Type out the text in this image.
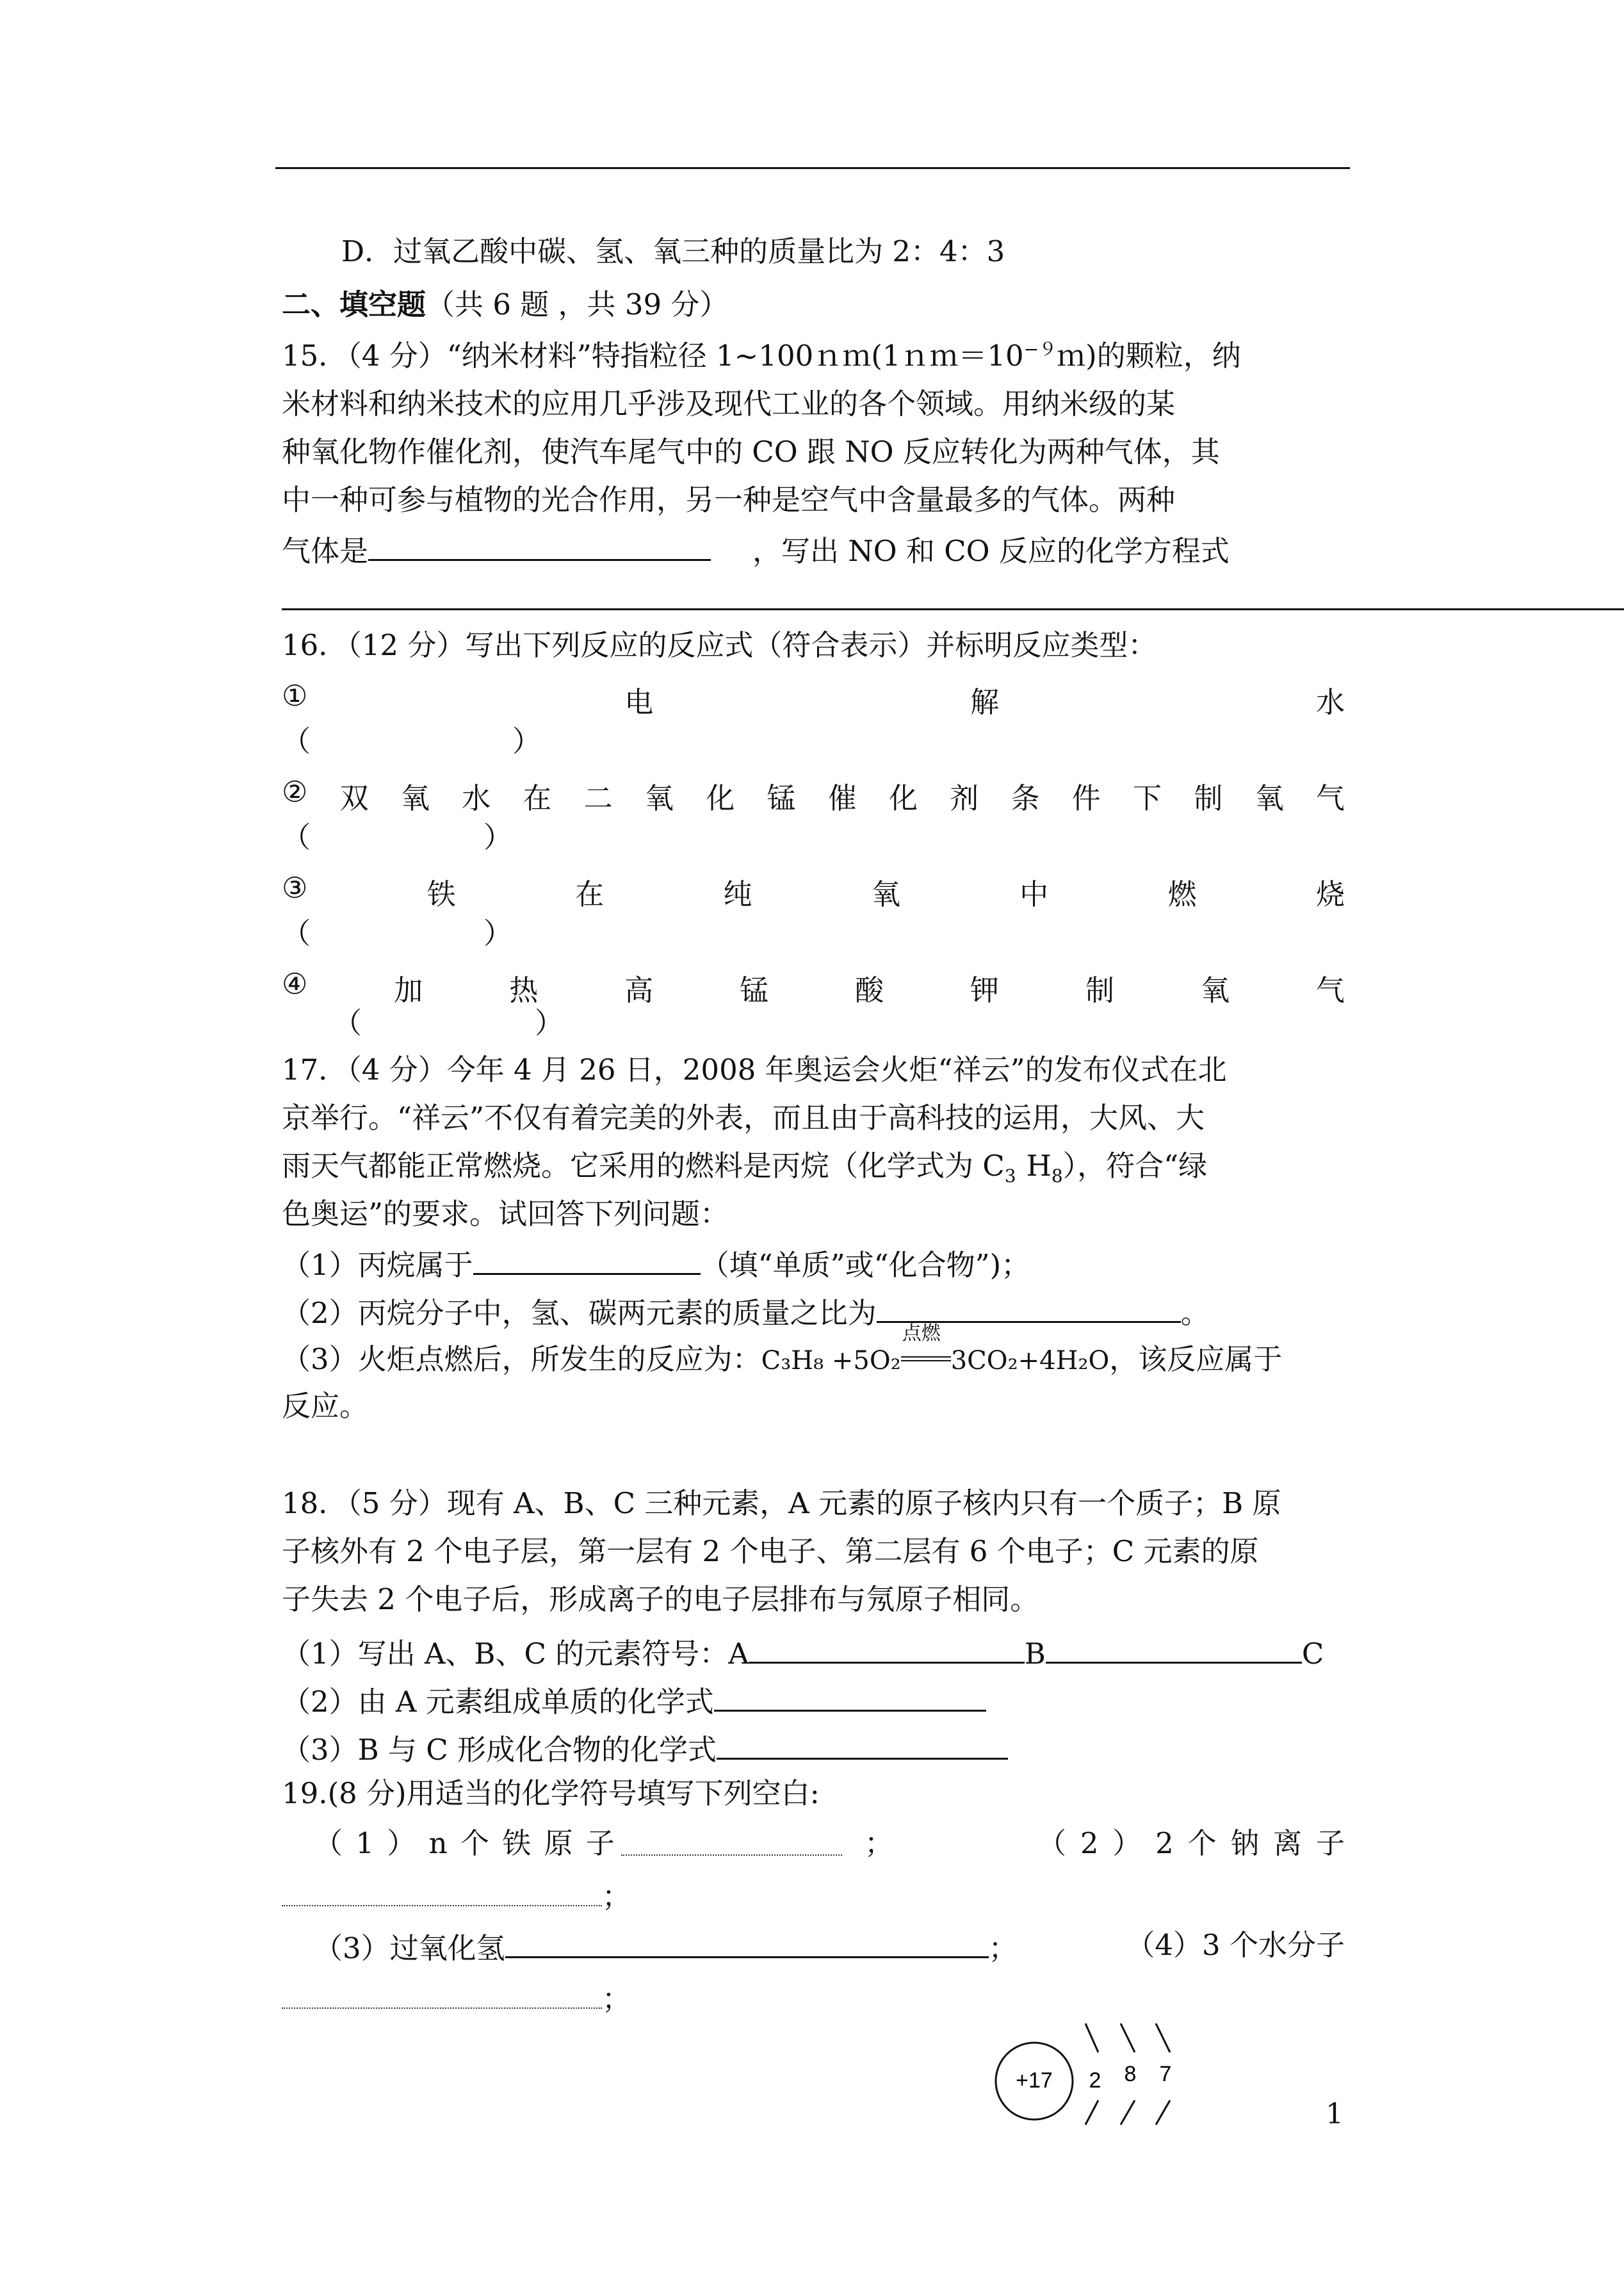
D．过氧乙酸中碳、氢、氧三种的质量比为 2：4：3
二、填空题（共 6 题 ，共 39 分）
15．（4 分）“纳米材料”特指粒径 $1\sim 100nm(1nm=10^{-9}m)$的颗粒，纳
米材料和纳米技术的应用几乎涉及现代工业的各个领域。用纳米级的某
种氧化物作催化剂，使汽车尾气中的 CO 跟 NO 反应转化为两种气体，其
中一种可参与植物的光合作用，另一种是空气中含量最多的气体。两种
气体是	，写出 NO 和 CO 反应的化学方程式
16．（12 分）写出下列反应的反应式（符合表示）并标明反应类型：
①	电	解	水
（　　　　　　　）
② 双 氧 水 在 二 氧 化 锰 催 化 剂 条 件 下 制 氧 气
（　　　　　　）
③	铁	在	纯	氧	中	燃	烧
（　　　　　　）
④	加	热	高	锰	酸	钾	制	氧	气
（　　　　　　）
17．（4 分）今年 4 月 26 日，2008 年奥运会火炬“祥云”的发布仪式在北
京举行。“祥云”不仅有着完美的外表，而且由于高科技的运用，大风、大
雨天气都能正常燃烧。它采用的燃料是丙烷（化学式为 $C_3$ $H_8$），符合“绿
色奥运”的要求。试回答下列问题：
（1）丙烷属于	（填“单质”或“化合物”)；
（2）丙烷分子中，氢、碳两元素的质量之比为	。
（3）火炬点燃后，所发生的反应为：C₃H₈ +5O₂
点燃
3CO₂+4H₂O，该反应属于
反应。
18．（5 分）现有 A、B、C 三种元素，A 元素的原子核内只有一个质子；B 原
子核外有 2 个电子层，第一层有 2 个电子、第二层有 6 个电子；C 元素的原
子失去 2 个电子后，形成离子的电子层排布与氖原子相同。
（1）写出 A、B、C 的元素符号：A	B	C
（2）由 A 元素组成单质的化学式
（3）B 与 C 形成化合物的化学式
19.(8 分)用适当的化学符号填写下列空白:
（ 1 ） n 个 铁 原 子	；	（ 2 ） 2 个 钠 离 子
；
（3）过氧化氢	；	（4）3 个水分子
；
+17 2 8 7
1
